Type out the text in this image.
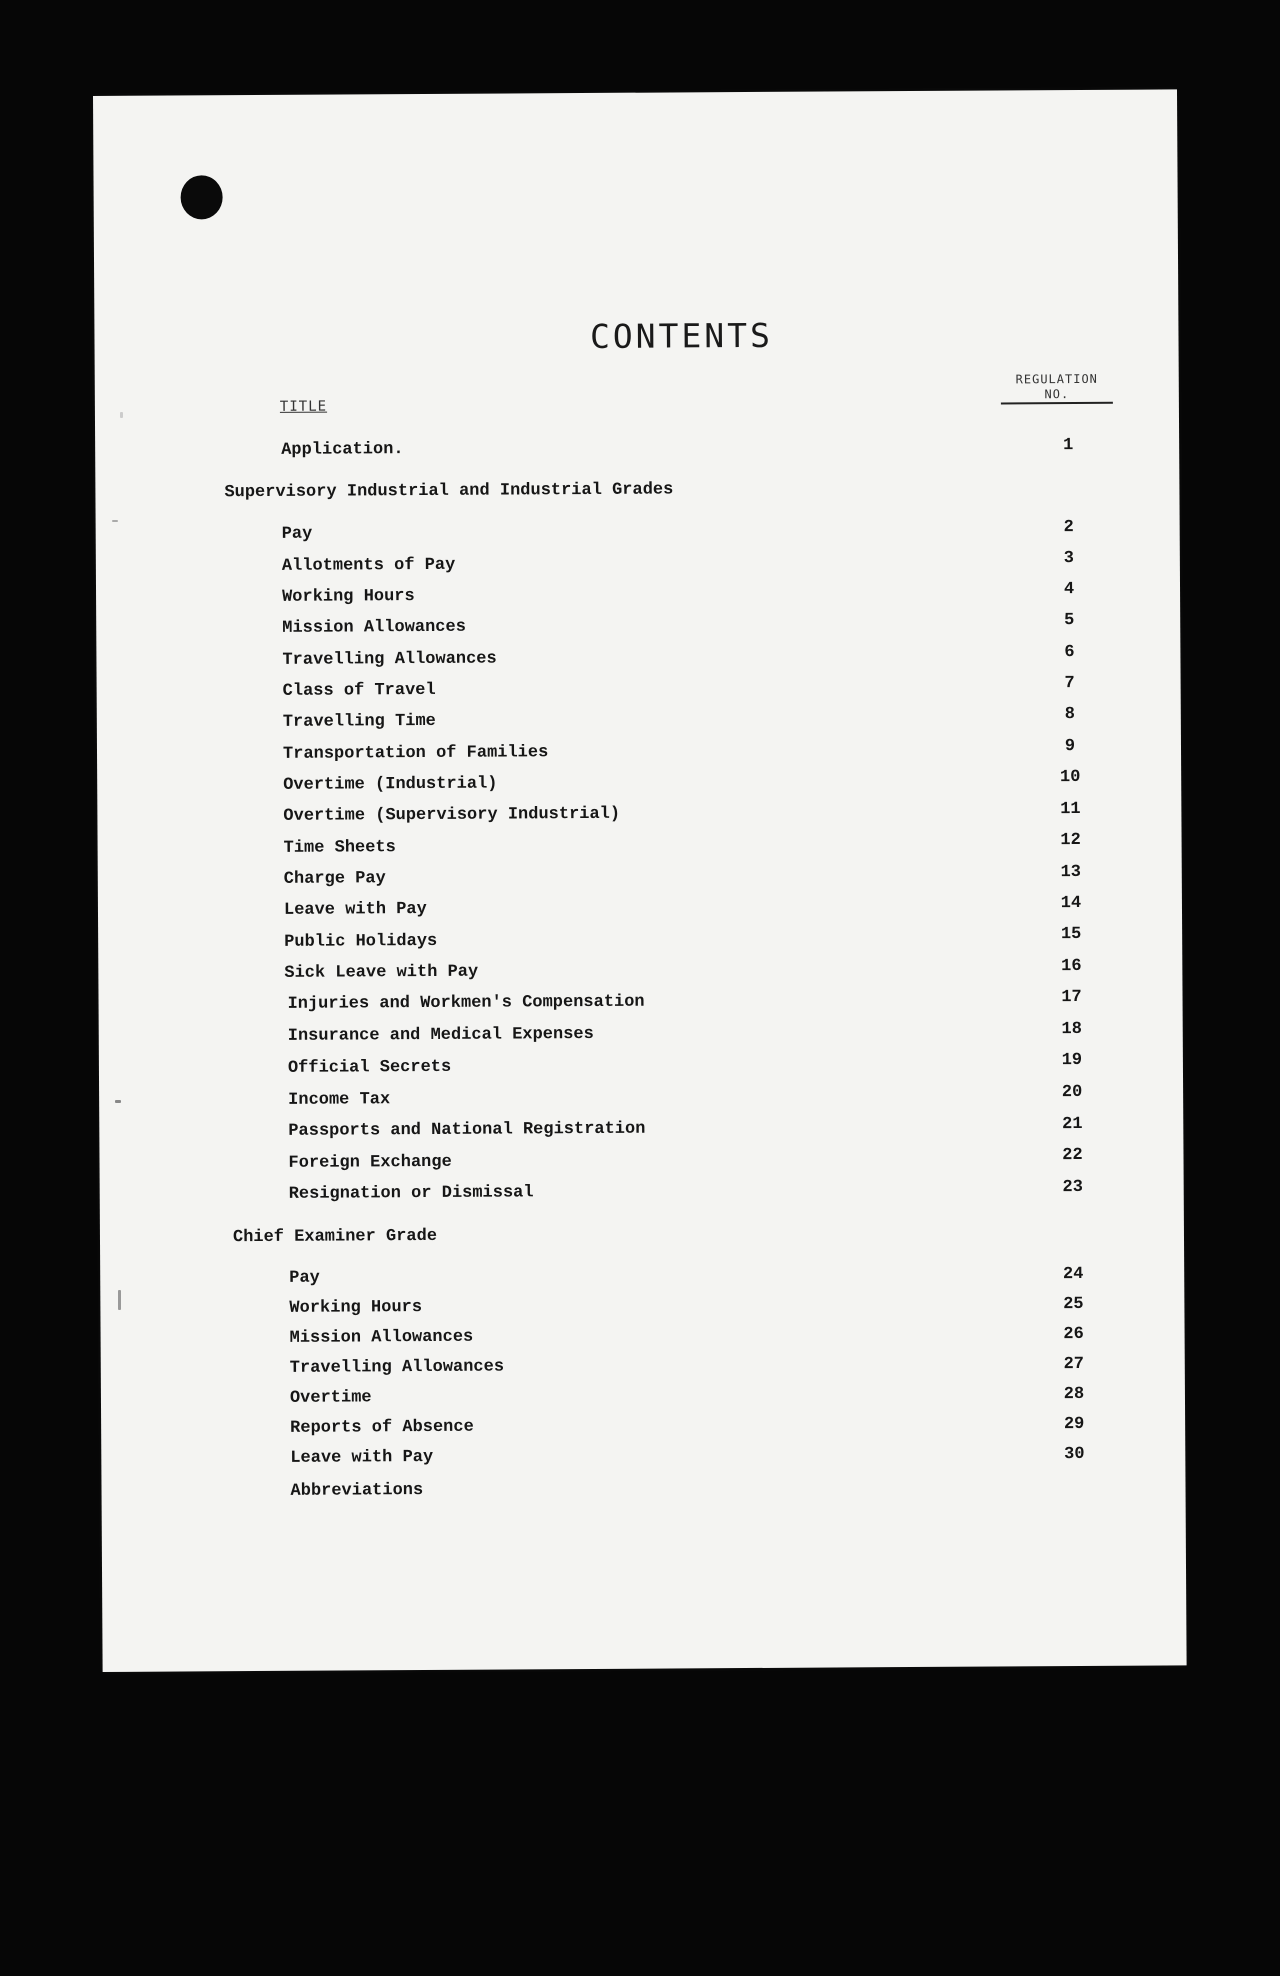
CONTENTS
TITLE
REGULATION
NO.
Application.	1
Supervisory Industrial and Industrial Grades
Pay	2
Allotments of Pay	3
Working Hours	4
Mission Allowances	5
Travelling Allowances	6
Class of Travel	7
Travelling Time	8
Transportation of Families	9
Overtime (Industrial)	10
Overtime (Supervisory Industrial)	11
Time Sheets	12
Charge Pay	13
Leave with Pay	14
Public Holidays	15
Sick Leave with Pay	16
Injuries and Workmen's Compensation	17
Insurance and Medical Expenses	18
Official Secrets	19
Income Tax	20
Passports and National Registration	21
Foreign Exchange	22
Resignation or Dismissal	23
Chief Examiner Grade
Pay	24
Working Hours	25
Mission Allowances	26
Travelling Allowances	27
Overtime	28
Reports of Absence	29
Leave with Pay	30
Abbreviations
